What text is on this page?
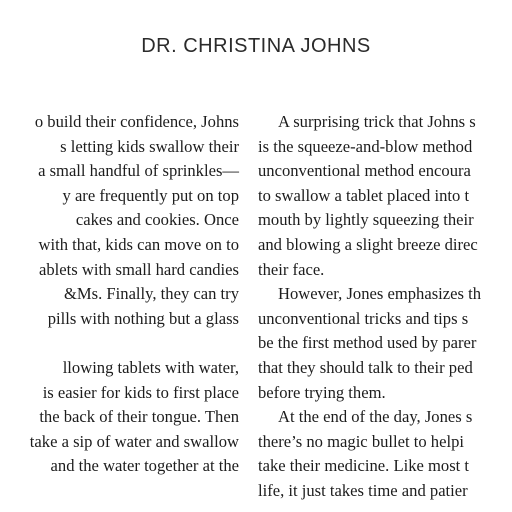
DR. CHRISTINA JOHNS
o build their confidence, Johns
s letting kids swallow their
a small handful of sprinkles—
y are frequently put on top
cakes and cookies. Once
with that, kids can move on to
ablets with small hard candies
&Ms. Finally, they can try
pills with nothing but a glass

llowing tablets with water,
is easier for kids to first place
the back of their tongue. Then
take a sip of water and swallow
and the water together at the
A surprising trick that Johns s
is the squeeze-and-blow method
unconventional method encoura
to swallow a tablet placed into t
mouth by lightly squeezing their
and blowing a slight breeze direc
their face.
However, Jones emphasizes th
unconventional tricks and tips s
be the first method used by parer
that they should talk to their ped
before trying them.
At the end of the day, Jones s
there’s no magic bullet to helpi
take their medicine. Like most t
life, it just takes time and patier
